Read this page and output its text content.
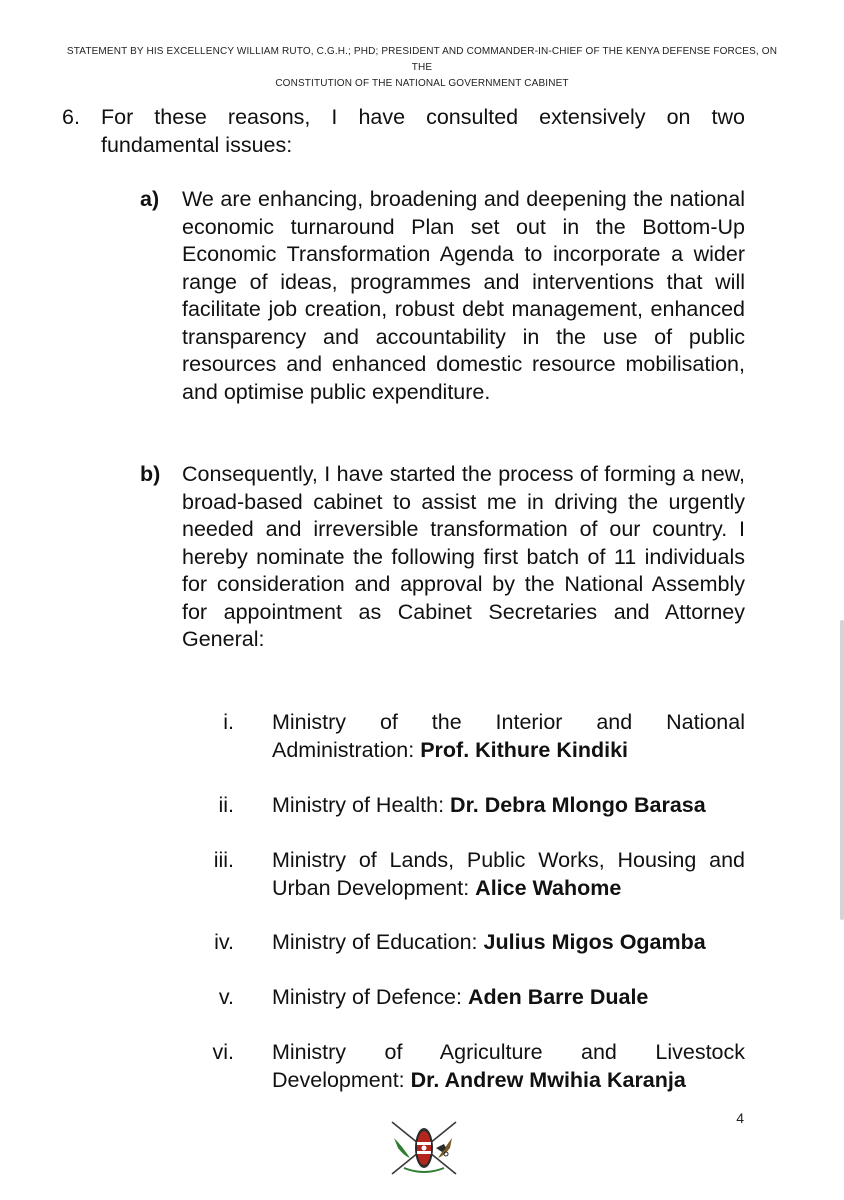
STATEMENT BY HIS EXCELLENCY WILLIAM RUTO, C.G.H.; PHD; PRESIDENT AND COMMANDER-IN-CHIEF OF THE KENYA DEFENSE FORCES, ON THE
CONSTITUTION OF THE NATIONAL GOVERNMENT CABINET
6. For these reasons, I have consulted extensively on two fundamental issues:
a) We are enhancing, broadening and deepening the national economic turnaround Plan set out in the Bottom-Up Economic Transformation Agenda to incorporate a wider range of ideas, programmes and interventions that will facilitate job creation, robust debt management, enhanced transparency and accountability in the use of public resources and enhanced domestic resource mobilisation, and optimise public expenditure.
b) Consequently, I have started the process of forming a new, broad-based cabinet to assist me in driving the urgently needed and irreversible transformation of our country. I hereby nominate the following first batch of 11 individuals for consideration and approval by the National Assembly for appointment as Cabinet Secretaries and Attorney General:
i. Ministry of the Interior and National Administration: Prof. Kithure Kindiki
ii. Ministry of Health: Dr. Debra Mlongo Barasa
iii. Ministry of Lands, Public Works, Housing and Urban Development: Alice Wahome
iv. Ministry of Education: Julius Migos Ogamba
v. Ministry of Defence: Aden Barre Duale
vi. Ministry of Agriculture and Livestock Development: Dr. Andrew Mwihia Karanja
4
